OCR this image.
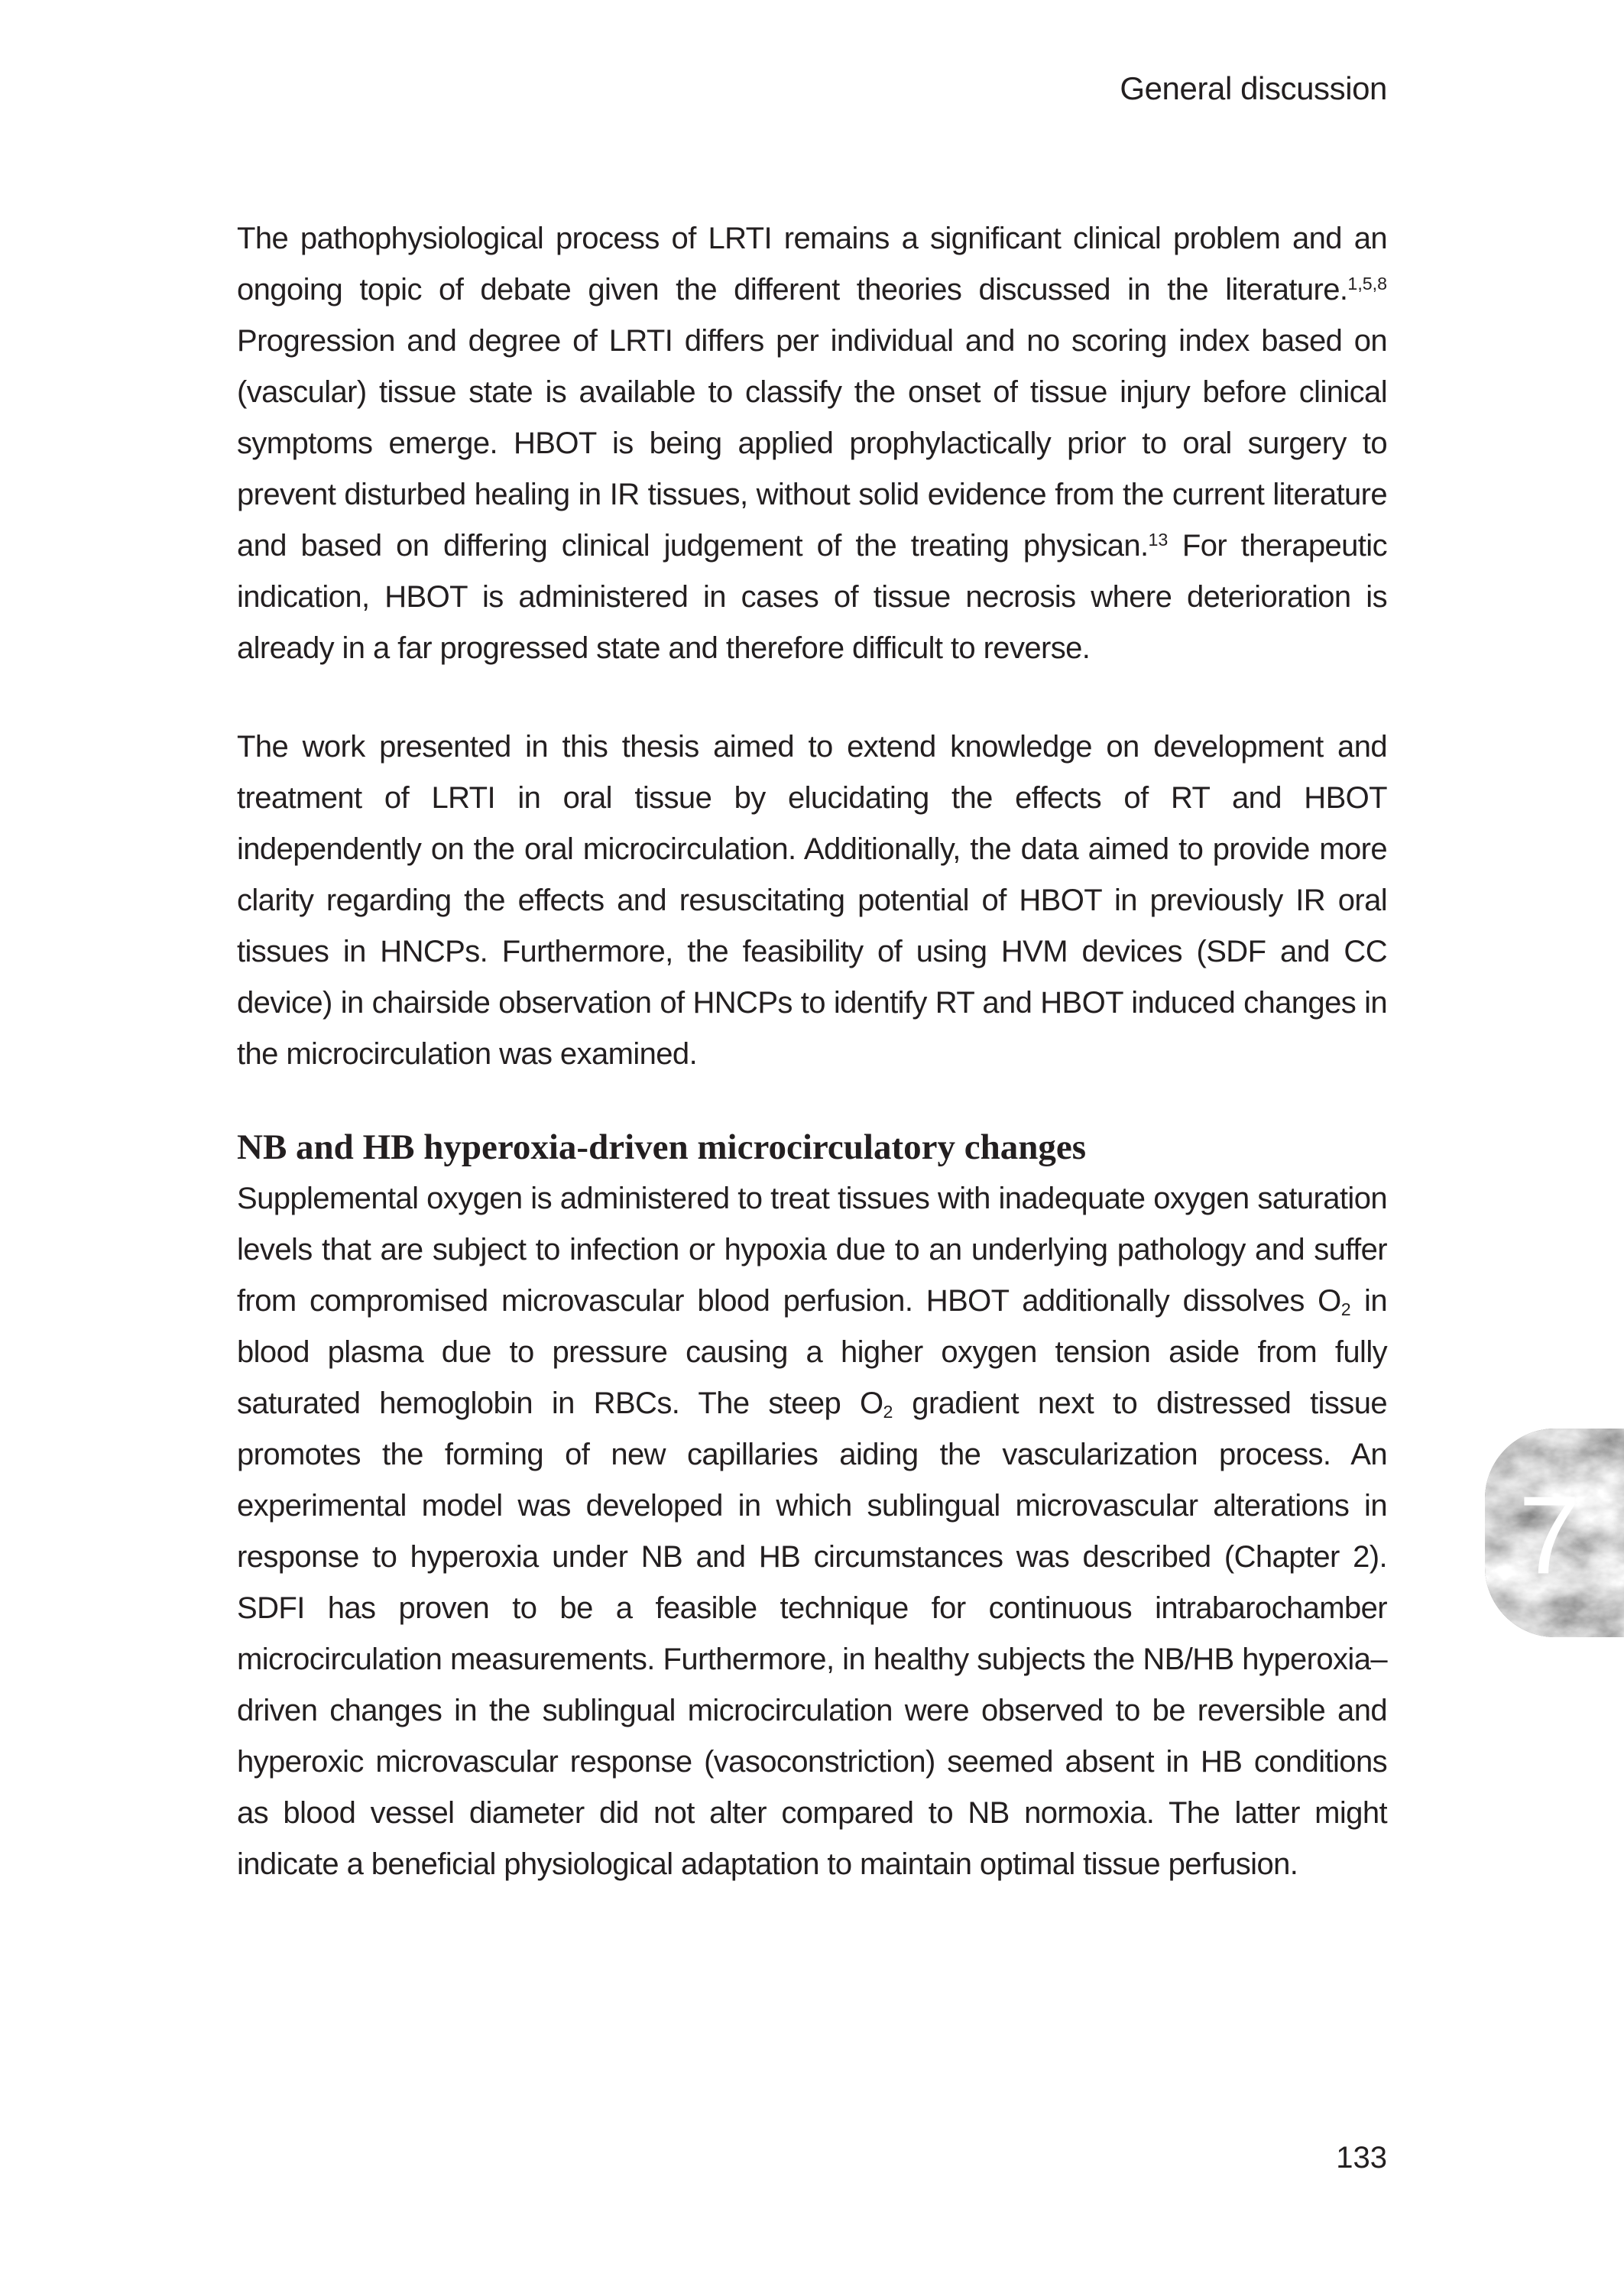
General discussion

The pathophysiological process of LRTI remains a significant clinical problem and an ongoing topic of debate given the different theories discussed in the literature.$^{1,5,8}$ Progression and degree of LRTI differs per individual and no scoring index based on (vascular) tissue state is available to classify the onset of tissue injury before clinical symptoms emerge. HBOT is being applied prophylactically prior to oral surgery to prevent disturbed healing in IR tissues, without solid evidence from the current literature and based on differing clinical judgement of the treating physican.$^{13}$ For therapeutic indication, HBOT is administered in cases of tissue necrosis where deterioration is already in a far progressed state and therefore difficult to reverse.

The work presented in this thesis aimed to extend knowledge on development and treatment of LRTI in oral tissue by elucidating the effects of RT and HBOT independently on the oral microcirculation. Additionally, the data aimed to provide more clarity regarding the effects and resuscitating potential of HBOT in previously IR oral tissues in HNCPs. Furthermore, the feasibility of using HVM devices (SDF and CC device) in chairside observation of HNCPs to identify RT and HBOT induced changes in the microcirculation was examined.

NB and HB hyperoxia-driven microcirculatory changes

Supplemental oxygen is administered to treat tissues with inadequate oxygen saturation levels that are subject to infection or hypoxia due to an underlying pathology and suffer from compromised microvascular blood perfusion. HBOT additionally dissolves $O_2$ in blood plasma due to pressure causing a higher oxygen tension aside from fully saturated hemoglobin in RBCs. The steep $O_2$ gradient next to distressed tissue promotes the forming of new capillaries aiding the vascularization process. An experimental model was developed in which sublingual microvascular alterations in response to hyperoxia under NB and HB circumstances was described (Chapter 2). SDFI has proven to be a feasible technique for continuous intrabarochamber microcirculation measurements. Furthermore, in healthy subjects the NB/HB hyperoxia–driven changes in the sublingual microcirculation were observed to be reversible and hyperoxic microvascular response (vasoconstriction) seemed absent in HB conditions as blood vessel diameter did not alter compared to NB normoxia. The latter might indicate a beneficial physiological adaptation to maintain optimal tissue perfusion.

7
133
